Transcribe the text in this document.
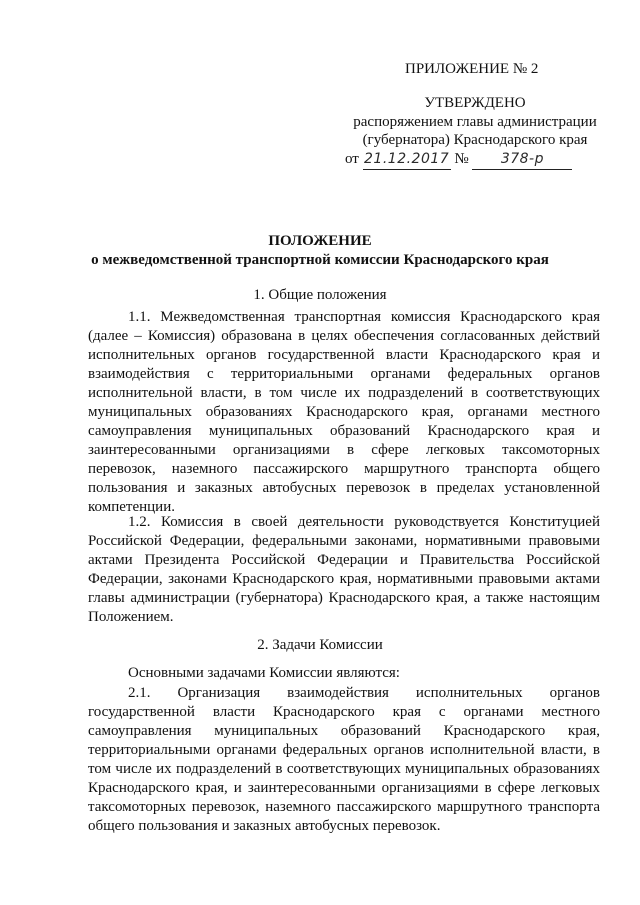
ПРИЛОЖЕНИЕ № 2
УТВЕРЖДЕНО
распоряжением главы администрации
(губернатора) Краснодарского края
от 21.12.2017 № 378-р
ПОЛОЖЕНИЕ
о межведомственной транспортной комиссии Краснодарского края
1. Общие положения

1.1. Межведомственная транспортная комиссия Краснодарского края (далее – Комиссия) образована в целях обеспечения согласованных действий исполнительных органов государственной власти Краснодарского края и взаимодействия с территориальными органами федеральных органов исполнительной власти, в том числе их подразделений в соответствующих муниципальных образованиях Краснодарского края, органами местного самоуправления муниципальных образований Краснодарского края и заинтересованными организациями в сфере легковых таксомоторных перевозок, наземного пассажирского маршрутного транспорта общего пользования и заказных автобусных перевозок в пределах установленной компетенции.

1.2. Комиссия в своей деятельности руководствуется Конституцией Российской Федерации, федеральными законами, нормативными правовыми актами Президента Российской Федерации и Правительства Российской Федерации, законами Краснодарского края, нормативными правовыми актами главы администрации (губернатора) Краснодарского края, а также настоящим Положением.

2. Задачи Комиссии
Основными задачами Комиссии являются:

2.1. Организация взаимодействия исполнительных органов государственной власти Краснодарского края с органами местного самоуправления муниципальных образований Краснодарского края, территориальными органами федеральных органов исполнительной власти, в том числе их подразделений в соответствующих муниципальных образованиях Краснодарского края, и заинтересованными организациями в сфере легковых таксомоторных перевозок, наземного пассажирского маршрутного транспорта общего пользования и заказных автобусных перевозок.
